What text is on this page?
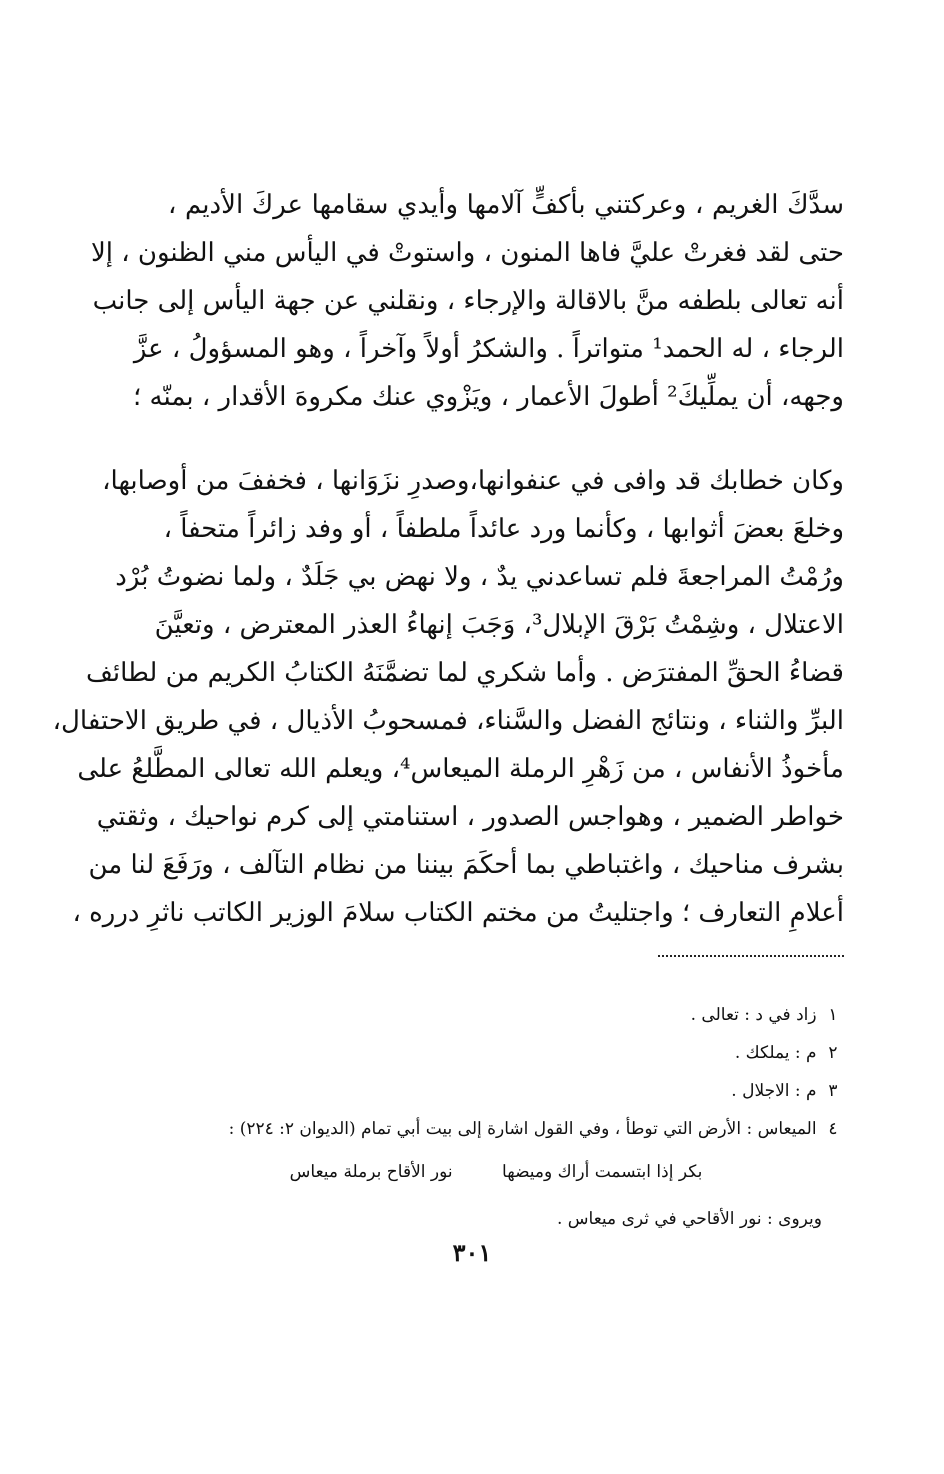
سدَّكَ الغريم ، وعركتني بأكفٍّ آلامها وأيدي سقامها عركَ الأديم ،
حتى لقد فغرتْ عليَّ فاها المنون ، واستوتْ في اليأس مني الظنون ، إلا
أنه تعالى بلطفه منَّ بالاقالة والإرجاء ، ونقلني عن جهة اليأس إلى جانب
الرجاء ، له الحمد¹ متواتراً . والشكرُ أولاً وآخراً ، وهو المسؤولُ ، عزَّ
وجهه، أن يملِّيكَ² أطولَ الأعمار ، ويَزْوي عنك مكروهَ الأقدار ، بمنّه ؛
وكان خطابك قد وافى في عنفوانها،وصدرِ نزَوَانها ، فخففَ من أوصابها،
وخلعَ بعضَ أثوابها ، وكأنما ورد عائداً ملطفاً ، أو وفد زائراً متحفاً ،
ورُمْتُ المراجعةَ فلم تساعدني يدٌ ، ولا نهض بي جَلَدٌ ، ولما نضوتُ بُرْد
الاعتلال ، وشِمْتُ بَرْقَ الإبلال³، وَجَبَ إنهاءُ العذر المعترض ، وتعيَّنَ
قضاءُ الحقِّ المفترَض . وأما شكري لما تضمَّنَهُ الكتابُ الكريم من لطائف
البرِّ والثناء ، ونتائج الفضل والسَّناء، فمسحوبُ الأذيال ، في طريق الاحتفال،
مأخوذُ الأنفاس ، من زَهْرِ الرملة الميعاس⁴، ويعلم الله تعالى المطَّلعُ على
خواطر الضمير ، وهواجس الصدور ، استنامتي إلى كرم نواحيك ، وثقتي
بشرف مناحيك ، واغتباطي بما أحكَمَ بيننا من نظام التآلف ، ورَفَعَ لنا من
أعلامِ التعارف ؛ واجتليتُ من مختم الكتاب سلامَ الوزير الكاتب ناثرِ درره ،
١ زاد في د : تعالى .
٢ م : يملكك .
٣ م : الاجلال .
٤ الميعاس : الأرض التي توطأ ، وفي القول اشارة إلى بيت أبي تمام (الديوان ٢: ٢٢٤) :
بكر إذا ابتسمت أراك وميضها نور الأقاح برملة ميعاس
ويروى : نور الأقاحي في ثرى ميعاس .
٣٠١
